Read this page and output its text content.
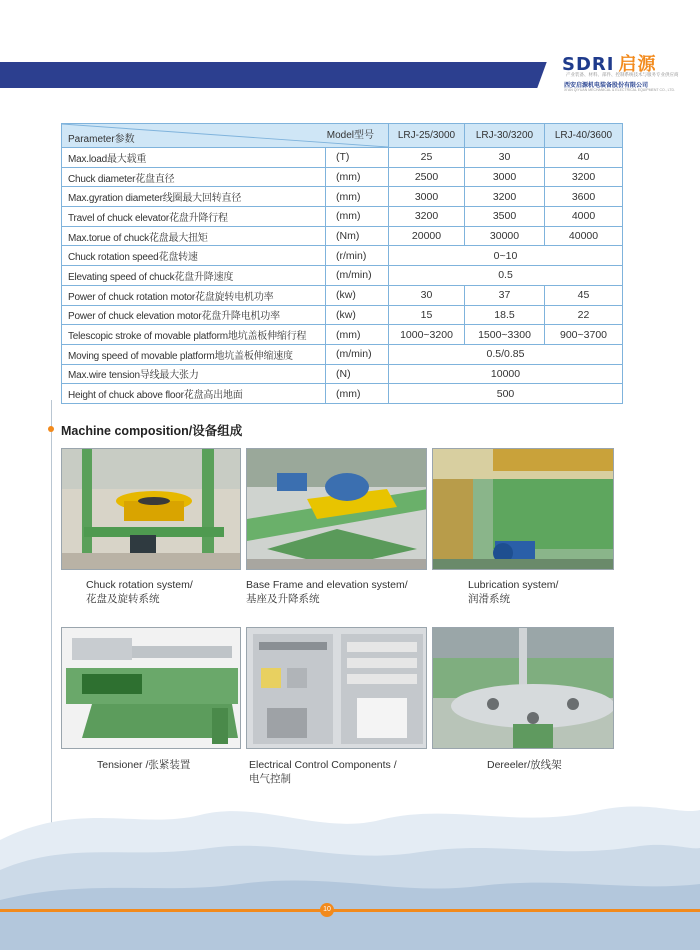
SDRI 启源
产业装备、材料、部件、控制系统技术与服务专业供应商
西安启源机电装备股份有限公司
XI'AN QIYUAN MECHANICAL & ELECTRICAL EQUIPMENT CO., LTD.
Model型号
Parameter参数		LRJ-25/3000	LRJ-30/3200	LRJ-40/3600
Max.load最大载重	(T)	25	30	40
Chuck diameter花盘直径	(mm)	2500	3000	3200
Max.gyration diameter线圈最大回转直径	(mm)	3000	3200	3600
Travel of chuck elevator花盘升降行程	(mm)	3200	3500	4000
Max.torue of chuck花盘最大扭矩	(Nm)	20000	30000	40000
Chuck rotation speed花盘转速	(r/min)	0~10		
Elevating speed of chuck花盘升降速度	(m/min)	0.5		
Power of chuck rotation motor花盘旋转电机功率	(kw)	30	37	45
Power of chuck elevation motor花盘升降电机功率	(kw)	15	18.5	22
Telescopic stroke of movable platform地坑盖板伸缩行程	(mm)	1000~3200	1500~3300	900~3700
Moving speed of movable platform地坑盖板伸缩速度	(m/min)	0.5/0.85		
Max.wire tension导线最大张力	(N)	10000		
Height of chuck above floor花盘高出地面	(mm)	500		
Machine composition/设备组成
Chuck rotation system/
花盘及旋转系统
Base Frame and elevation system/
基座及升降系统
Lubrication system/
润滑系统
Tensioner /张紧装置	Electrical Control Components /
电气控制
Dereeler/放线架
10
